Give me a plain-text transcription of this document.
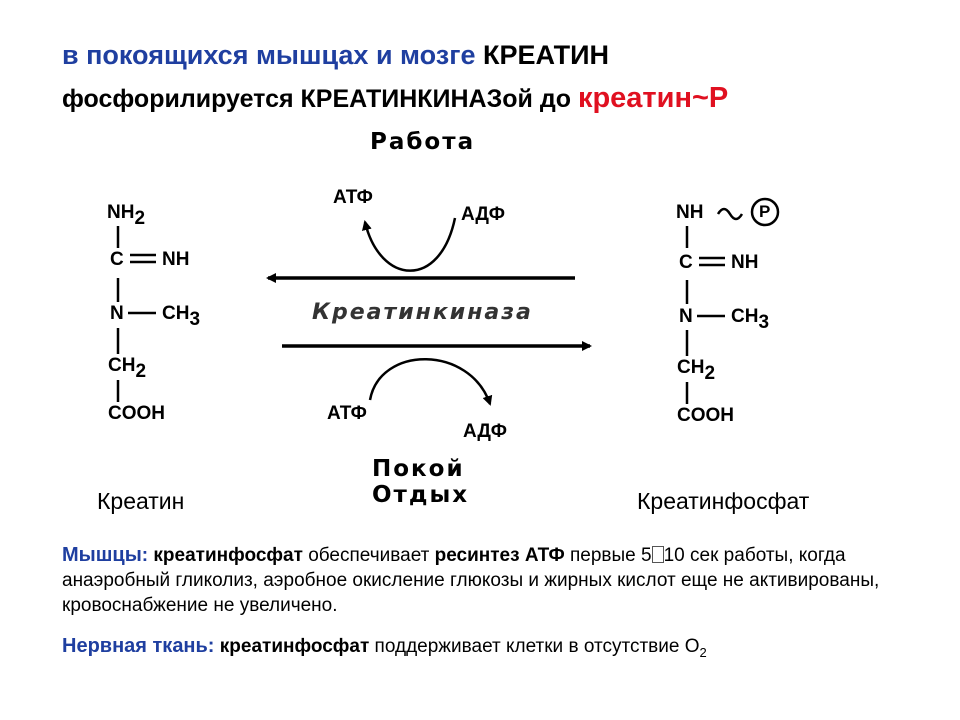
в покоящихся мышцах и мозге КРЕАТИН
фосфорилируется КРЕАТИНКИНАЗой до креатин~Р
$NH_2$
C NH
N $CH_3$
$CH_2$
COOH
NH	P
C NH
N $CH_3$
$CH_2$
COOH
Работа
АТФ
АДФ
Креатинкиназа
АТФ
АДФ
Покой
Отдых
Креатин	Креатинфосфат
Мышцы: креатинфосфат обеспечивает ресинтез АТФ первые 5 10 сек работы, когда анаэробный гликолиз, аэробное окисление глюкозы и жирных кислот еще не активированы, кровоснабжение не увеличено.
Нервная ткань: креатинфосфат поддерживает клетки в отсутствие $О_2$
